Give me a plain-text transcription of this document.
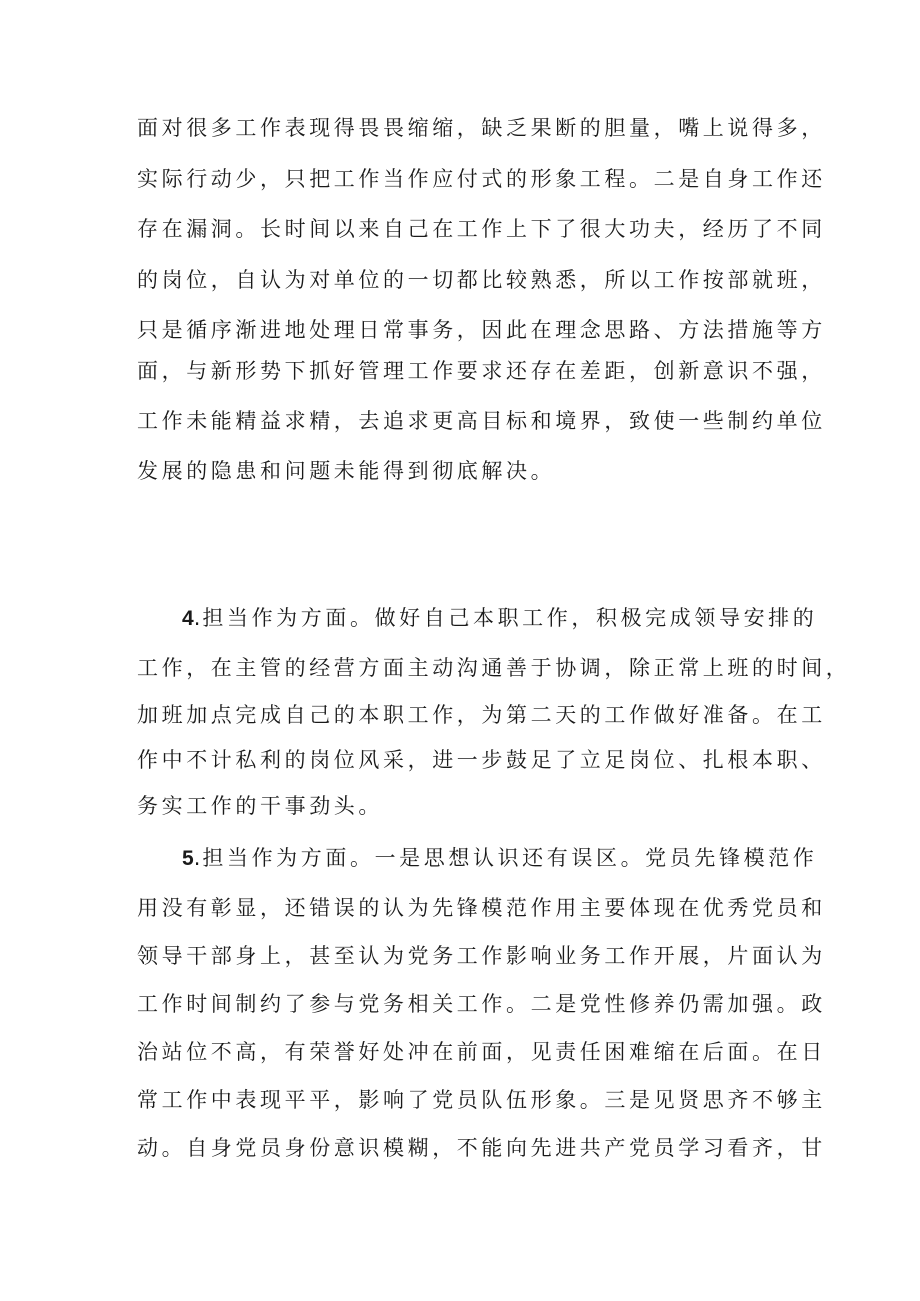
面对很多工作表现得畏畏缩缩，缺乏果断的胆量，嘴上说得多，
实际行动少，只把工作当作应付式的形象工程。二是自身工作还
存在漏洞。长时间以来自己在工作上下了很大功夫，经历了不同
的岗位，自认为对单位的一切都比较熟悉，所以工作按部就班，
只是循序渐进地处理日常事务，因此在理念思路、方法措施等方
面，与新形势下抓好管理工作要求还存在差距，创新意识不强，
工作未能精益求精，去追求更高目标和境界，致使一些制约单位
发展的隐患和问题未能得到彻底解决。
4.担当作为方面。做好自己本职工作，积极完成领导安排的
工作，在主管的经营方面主动沟通善于协调，除正常上班的时间，
加班加点完成自己的本职工作，为第二天的工作做好准备。在工
作中不计私利的岗位风采，进一步鼓足了立足岗位、扎根本职、
务实工作的干事劲头。
5.担当作为方面。一是思想认识还有误区。党员先锋模范作
用没有彰显，还错误的认为先锋模范作用主要体现在优秀党员和
领导干部身上，甚至认为党务工作影响业务工作开展，片面认为
工作时间制约了参与党务相关工作。二是党性修养仍需加强。政
治站位不高，有荣誉好处冲在前面，见责任困难缩在后面。在日
常工作中表现平平，影响了党员队伍形象。三是见贤思齐不够主
动。自身党员身份意识模糊，不能向先进共产党员学习看齐，甘
